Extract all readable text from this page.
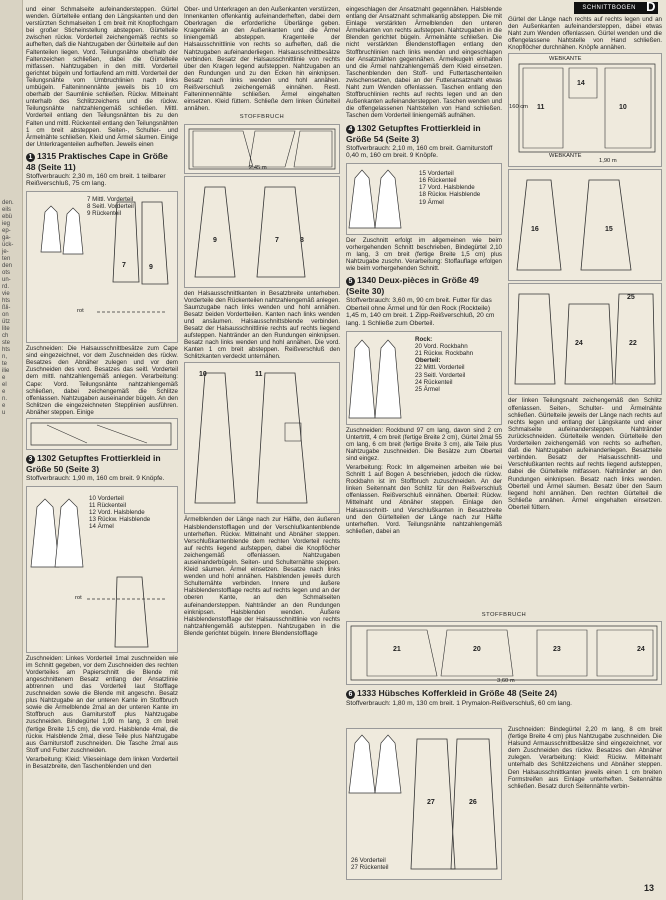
den.
eils
ebü
ieg
ep-
ga-
ück-
je-
ten
den
ots
un-
rd.
vie
hts
ßli-
on
ütz
lite
ch
ste
hts
n,
te
ilie
e
el
e
n.
e
u
SCHNITTBOGEN D

und einer Schmalseite aufeinandersteppen. Gürtel wenden. Gürtelteile entlang den Längskanten und den verstürzten Schmalseiten 1 cm breit mit Knopflochgarn bei großer Sticheinstellung absteppen. Gürtelteile zwischen rückw. Vorderteil zeichengemäß rechts so aufheften, daß die Nahtzugaben der Gürtelteile auf den Faltenteilen liegen. Vord. Teilungsnähte oberhalb der Faltenzeichen schließen, dabei die Gürtelteile mitfassen. Nahtzugaben in den mittl. Vorderteil gerichtet bügeln und fortlaufend am mittl. Vorderteil der Teilungsnähte vom Umbruchlinien nach links umbügeln. Falteninnennähte jeweils bis 10 cm oberhalb der Saumlinie schließen. Rückw. Mitteinaht unterhalb des Schlitzzeichens und die rückw. Teilungsnähte nahtzahlengemäß schließen. Mittl. Vorderteil entlang den Teilungsnähten bis zu den Falten und mittl. Rückenteil entlang den Teilungsnähten 1 cm breit absteppen. Seiten-, Schulter- und Ärmelnähte schließen. Kleid und Ärmel säumen. Einige der Unterkragenteilen aufheften. Jeweils einen

1 1315 Praktisches Cape in Größe 48 (Seite 11)
Stoffverbrauch: 2,30 m, 160 cm breit. 1 teilbarer Reißverschluß, 75 cm lang.
7 Mittl. Vorderteil
8 Seitl. Vorderteil
9 Rückenteil
7	9
rot

Zuschneiden: Die Halsausschnittbesätze zum Cape sind eingezeichnet, vor dem Zuschneiden des rückw. Besatzes den Abnäher zulegen und vor dem Zuschneiden des vord. Besatzes das seitl. Vorderteil dem mittl. nahtzahlengemäß anlegen. Verarbeitung: Cape: Vord. Teilungsnähte nahtzahlengemäß schließen, dabei zeichengemäß die Schlitze offenlassen. Nahtzugaben auseinander bügeln. An den Schlitzen die eingezeichneten Stepplinien ausführen. Abnäher steppen. Einige

3 1302 Getupftes Frottierkleid in Größe 50 (Seite 3)
Stoffverbrauch: 1,90 m, 160 cm breit. 9 Knöpfe.
10 Vorderteil
11 Rückenteil
12 Vord. Halsblende
13 Rückw. Halsblende
14 Ärmel
rot

Zuschneiden: Linkes Vorderteil 1mal zuschneiden wie im Schnitt gegeben, vor dem Zuschneiden des rechten Vorderteiles am Papierschnitt die Blende mit angeschnittenem Besatz entlang der Ansatzlinie abtrennen und das Vorderteil laut Stofflage zuschneiden sowie die Blende mit angeschn. Besatz plus Nahtzugabe an der unteren Kante im Stoffbruch sowie die Ärmelblende 2mal an der unteren Kante im Stoffbruch aus Garniturstoff plus Nahtzugabe zuschneiden. Bindegürtel 1,90 m lang, 3 cm breit (fertige Breite 1,5 cm), die vord. Halsblende 4mal, die rückw. Halsblende 2mal, diese Teile plus Nahtzugabe aus Garniturstoff zuschneiden. Die Tasche 2mal aus Stoff und Futter zuschneiden.

Verarbeitung: Kleid: Vlieseinlage dem linken Vorderteil in Besatzbreite, den Taschenblenden und den

Ober- und Unterkragen an den Außenkanten verstürzen, Innenkanten offenkantig aufeinanderheften, dabei dem Oberkragen die erforderliche Überlänge geben. Kragenteile an den Außenkanten und die Ärmel liniengemäß absteppen. Kragenteile der Halsausschnittlinie von rechts so aufheften, daß die Nahtzugaben aufeinanderliegen. Halsausschnittbesätze verbinden. Besatz der Halsausschnittlinie von rechts über den Kragen legend aufsteppen. Nahtzugaben an den Rundungen und zu den Ecken hin einknipsen. Besatz nach links wenden und hohl annähen. Reißverschluß zeichengemäß einnähen. Restl. Falteninnennähte schließen. Ärmel eingehalten einsetzen. Kleid füttern. Schließe dem linken Gürtelteil annähen.

STOFFBRUCH
2,45 m
9	7	8

den Halsausschnittkanten in Besatzbreite unterheben. Vorderteile den Rückenteilen nahtzahlengemäß anlegen. Saumzugabe nach links wenden und hohl annähen. Besatz beiden Vordertteilen. Kanten nach links wenden und ansäumen. Halsausschnittsblende verbinden. Besatz der Halsausschnittlinie rechts auf rechts liegend aufsteppen. Nahtränder an den Rundungen einknipsen. Besatz nach links wenden und hohl annähen. Die vord. Kanten 1 cm breit absteppen. Reißverschluß den Schlitzkanten verdeckt unternähen.

10	11

Ärmelblenden der Länge nach zur Hälfte, den äußeren Halsblendenstofflagen und der Verschlußkantenblende unterheften. Rückw. Mittelnaht und Abnäher steppen. Verschlußkantenblende dem rechten Vorderteil rechts auf rechts liegend aufsteppen, dabei die Knopflöcher zeichengemäß offenlassen. Nahtzugaben auseinanderbügeln. Seiten- und Schulternähte steppen. Kleid säumen. Ärmel einsetzen. Besatze nach links wenden und hohl annähen. Halsblenden jeweils durch Schulternähte verbinden. Innere und äußere Halsblendenstofflage rechts auf rechts legen und an der oberen Kante, an den Schmalseiten aufeinandersteppen. Nahtränder an den Rundungen einknipsen. Halsblenden wenden. Äußere Halsblendenstofflage der Halsausschnittlinie von rechts nahtzahlengemäß aufsteppen. Nahtzugaben in die Blende gerichtet bügeln. Innere Blendenstofflage

eingeschlagen der Ansatznaht gegennähen. Halsblende entlang der Ansatznaht schmalkantig absteppen. Die mit Einlage verstärkten Ärmelblenden den unteren Ärmelkanten von rechts aufsteppen. Nahtzugaben in die Blenden gerichtet bügeln. Ärmelnähte schließen. Die nicht verstärkten Blendenstofflagen entlang den Stoffbruchlinien nach links wenden und eingeschlagen der Ansatznähten gegennähen. Ärmelkugeln einhalten und die Ärmel nahtzahlengemäß dem Kleid einsetzen. Taschenblenden den Stoff- und Futtertaschenteilen zwischensetzen, dabei an der Futteransatznaht etwas Naht zum Wenden offenlassen. Taschen entlang den Stoffbruchlinien rechts auf rechts legen und an den Außenkanten aufeinandersteppen. Taschen wenden und die offengelassenen Nahtstellen von Hand schließen. Taschen dem Vorderteil liniengemäß aufnähen.

4 1302 Getupftes Frottierkleid in Größe 54 (Seite 3)
Stoffverbrauch: 2,10 m, 160 cm breit. Garniturstoff 0,40 m, 160 cm breit. 9 Knöpfe.
15 Vorderteil
16 Rückenteil
17 Vord. Halsblende
18 Rückw. Halsblende
19 Ärmel

Der Zuschnitt erfolgt im allgemeinen wie beim vorhergehenden Schnitt beschrieben, Bindegürtel 2,10 m lang, 3 cm breit (fertige Breite 1,5 cm) plus Nahtzugabe zuschn. Verarbeitung: Stoffauflage erfolgen wie beim vorhergehenden Schnitt.

5 1340 Deux-pièces in Größe 49 (Seite 30)
Stoffverbrauch: 3,60 m, 90 cm breit. Futter für das Oberteil ohne Ärmel und für den Rock (Rockteile) 1,45 m, 140 cm breit. 1 Zipp-Reißverschluß, 20 cm lang. 1 Schließe zum Oberteil.
Rock:
20 Vord. Rockbahn
21 Rückw. Rockbahn
Oberteil:
22 Mittl. Vorderteil
23 Seitl. Vorderteil
24 Rückenteil
25 Ärmel

Zuschneiden: Rockbund 97 cm lang, davon sind 2 cm Untertritt, 4 cm breit (fertige Breite 2 cm), Gürtel 2mal 55 cm lang, 6 cm breit (fertige Breite 3 cm), alle Teile plus Nahtzugabe zuschneiden. Die Besätze zum Oberteil sind eingez.

Verarbeitung: Rock: Im allgemeinen arbeiten wie bei Schnitt 1 auf Bogen A beschrieben, jedoch die rückw. Rockbahn ist im Stoffbruch zuzuschneiden. An der linken Seitennaht den Schlitz für den Reißverschluß offenlassen. Reißverschluß einnähen. Oberteil: Rückw. Mittelnaht und Abnäher steppen. Einlage den Halsausschnitt- und Verschlußkanten in Besatzbreite und den Gürtelteilen der Länge nach zur Hälfte unterheften. Vord. Teilungsnähte nahtzahlengemäß schließen, dabei an

Gürtel der Länge nach rechts auf rechts legen und an den Außenkanten aufeinandersteppen, dabei etwas Naht zum Wenden offenlassen. Gürtel wenden und die offengelassene Nahtstelle von Hand schließen. Knopflöcher durchnähen. Knöpfe annähen.

WEBKANTE
WEBKANTE
1,90 m
160 cm 11
14
10
16	15
24	22
25

der linken Teilungsnaht zeichengemäß den Schlitz offenlassen. Seiten-, Schulter- und Ärmelnähte schließen. Gürtelteile jeweils der Länge nach rechts auf rechts legen und entlang der Längskante und einer Schmalseite aufeinandersteppen. Nahtränder zurückschneiden. Gürtelteile wenden. Gürtelteile den Vorderteilen zeichengemäß von rechts so aufheften, daß die Nahtzugaben aufeinanderliegen. Besatzteile verbinden. Besatz der Halsausschnitt- und Verschlußkanten rechts auf rechts liegend aufsteppen, dabei die Gürtelteile mitfassen. Nahtränder an den Rundungen einknipsen. Besatz nach links wenden. Oberteil und Ärmel säumen. Besatz über den Saum liegend hohl annähen. Den rechten Gürtelteil die Schließe annähen. Ärmel eingehalten einsetzen. Oberteil füttern.

STOFFBRUCH
21	20	23	24
3,60 m
6 1333 Hübsches Kofferkleid in Größe 48 (Seite 24)
Stoffverbrauch: 1,80 m, 130 cm breit. 1 Prymalon-Reißverschluß, 60 cm lang.
27	26
26 Vorderteil
27 Rückenteil

Zuschneiden: Bindegürtel 2,20 m lang, 8 cm breit (fertige Breite 4 cm) plus Nahtzugabe zuschneiden. Die Halsund Armausschnittbesätze sind eingezeichnet, vor dem Zuschneiden des rückw. Besatzes den Abnäher zulegen. Verarbeitung: Kleid: Rückw. Mittelnaht unterhalb des Schlitzzeichens und Abnäher steppen. Den Halsausschnittkanten jeweils einen 1 cm breiten Formstreifen aus Einlage unterheften. Seitennähte schließen. Besatz durch Seitennähte verbin-

13
